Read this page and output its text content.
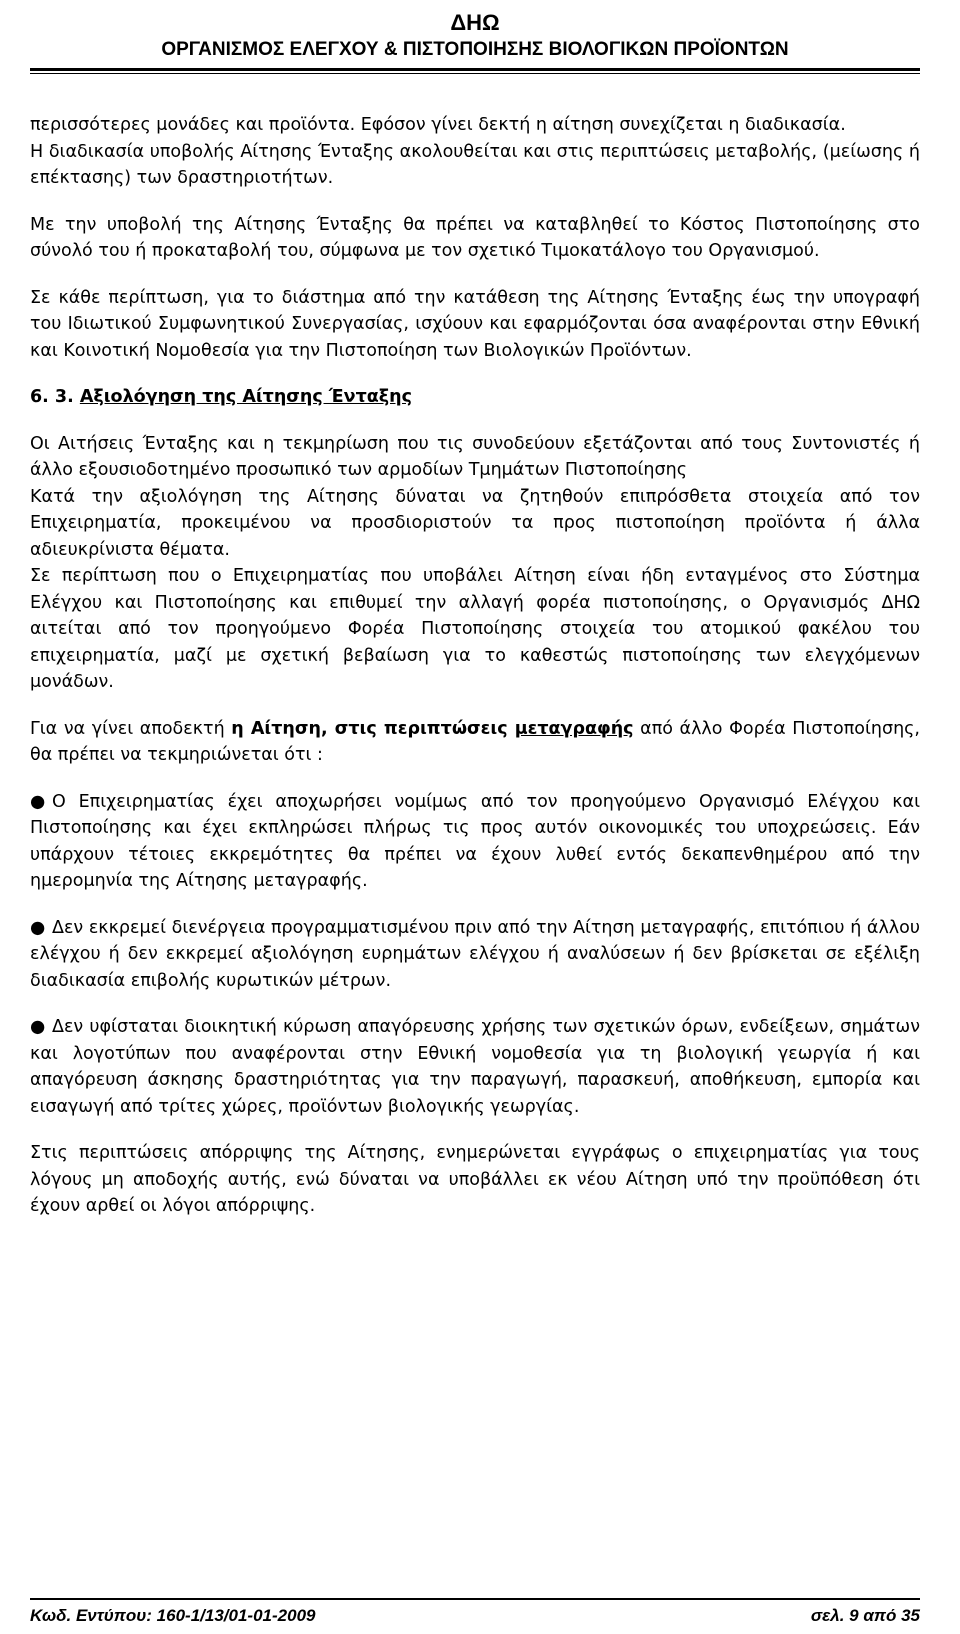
ΔΗΩ
ΟΡΓΑΝΙΣΜΟΣ ΕΛΕΓΧΟΥ & ΠΙΣΤΟΠΟΙΗΣΗΣ ΒΙΟΛΟΓΙΚΩΝ ΠΡΟΪΟΝΤΩΝ

περισσότερες μονάδες και προϊόντα. Εφόσον γίνει δεκτή η αίτηση συνεχίζεται η διαδικασία.

Η διαδικασία υποβολής Αίτησης Ένταξης ακολουθείται και στις περιπτώσεις μεταβολής, (μείωσης ή επέκτασης) των δραστηριοτήτων.

Με την υποβολή της Αίτησης Ένταξης θα πρέπει να καταβληθεί το Κόστος Πιστοποίησης στο σύνολό του ή προκαταβολή του, σύμφωνα με τον σχετικό Τιμοκατάλογο του Οργανισμού.

Σε κάθε περίπτωση, για το διάστημα από την κατάθεση της Αίτησης Ένταξης έως την υπογραφή του Ιδιωτικού Συμφωνητικού Συνεργασίας, ισχύουν και εφαρμόζονται όσα αναφέρονται στην Εθνική και Κοινοτική Νομοθεσία για την Πιστοποίηση των Βιολογικών Προϊόντων.

6. 3. Αξιολόγηση της Αίτησης Ένταξης

Οι Αιτήσεις Ένταξης και η τεκμηρίωση που τις συνοδεύουν εξετάζονται από τους Συντονιστές ή άλλο εξουσιοδοτημένο προσωπικό των αρμοδίων Τμημάτων Πιστοποίησης

Κατά την αξιολόγηση της Αίτησης δύναται να ζητηθούν επιπρόσθετα στοιχεία από τον Επιχειρηματία, προκειμένου να προσδιοριστούν τα προς πιστοποίηση προϊόντα ή άλλα αδιευκρίνιστα θέματα.

Σε περίπτωση που ο Επιχειρηματίας που υποβάλει Αίτηση είναι ήδη ενταγμένος στο Σύστημα Ελέγχου και Πιστοποίησης και επιθυμεί την αλλαγή φορέα πιστοποίησης, ο Οργανισμός ΔΗΩ αιτείται από τον προηγούμενο Φορέα Πιστοποίησης στοιχεία του ατομικού φακέλου του επιχειρηματία, μαζί με σχετική βεβαίωση για το καθεστώς πιστοποίησης των ελεγχόμενων μονάδων.

Για να γίνει αποδεκτή η Αίτηση, στις περιπτώσεις μεταγραφής από άλλο Φορέα Πιστοποίησης, θα πρέπει να τεκμηριώνεται ότι :

● Ο Επιχειρηματίας έχει αποχωρήσει νομίμως από τον προηγούμενο Οργανισμό Ελέγχου και Πιστοποίησης και έχει εκπληρώσει πλήρως τις προς αυτόν οικονομικές του υποχρεώσεις. Εάν υπάρχουν τέτοιες εκκρεμότητες θα πρέπει να έχουν λυθεί εντός δεκαπενθημέρου από την ημερομηνία της Αίτησης μεταγραφής.

● Δεν εκκρεμεί διενέργεια προγραμματισμένου πριν από την Αίτηση μεταγραφής, επιτόπιου ή άλλου ελέγχου ή δεν εκκρεμεί αξιολόγηση ευρημάτων ελέγχου ή αναλύσεων ή δεν βρίσκεται σε εξέλιξη διαδικασία επιβολής κυρωτικών μέτρων.

● Δεν υφίσταται διοικητική κύρωση απαγόρευσης χρήσης των σχετικών όρων, ενδείξεων, σημάτων και λογοτύπων που αναφέρονται στην Εθνική νομοθεσία για τη βιολογική γεωργία ή και απαγόρευση άσκησης δραστηριότητας για την παραγωγή, παρασκευή, αποθήκευση, εμπορία και εισαγωγή από τρίτες χώρες, προϊόντων βιολογικής γεωργίας.

Στις περιπτώσεις απόρριψης της Αίτησης, ενημερώνεται εγγράφως ο επιχειρηματίας για τους λόγους μη αποδοχής αυτής, ενώ δύναται να υποβάλλει εκ νέου Αίτηση υπό την προϋπόθεση ότι έχουν αρθεί οι λόγοι απόρριψης.

Κωδ. Εντύπου: 160-1/13/01-01-2009	σελ. 9 από 35
